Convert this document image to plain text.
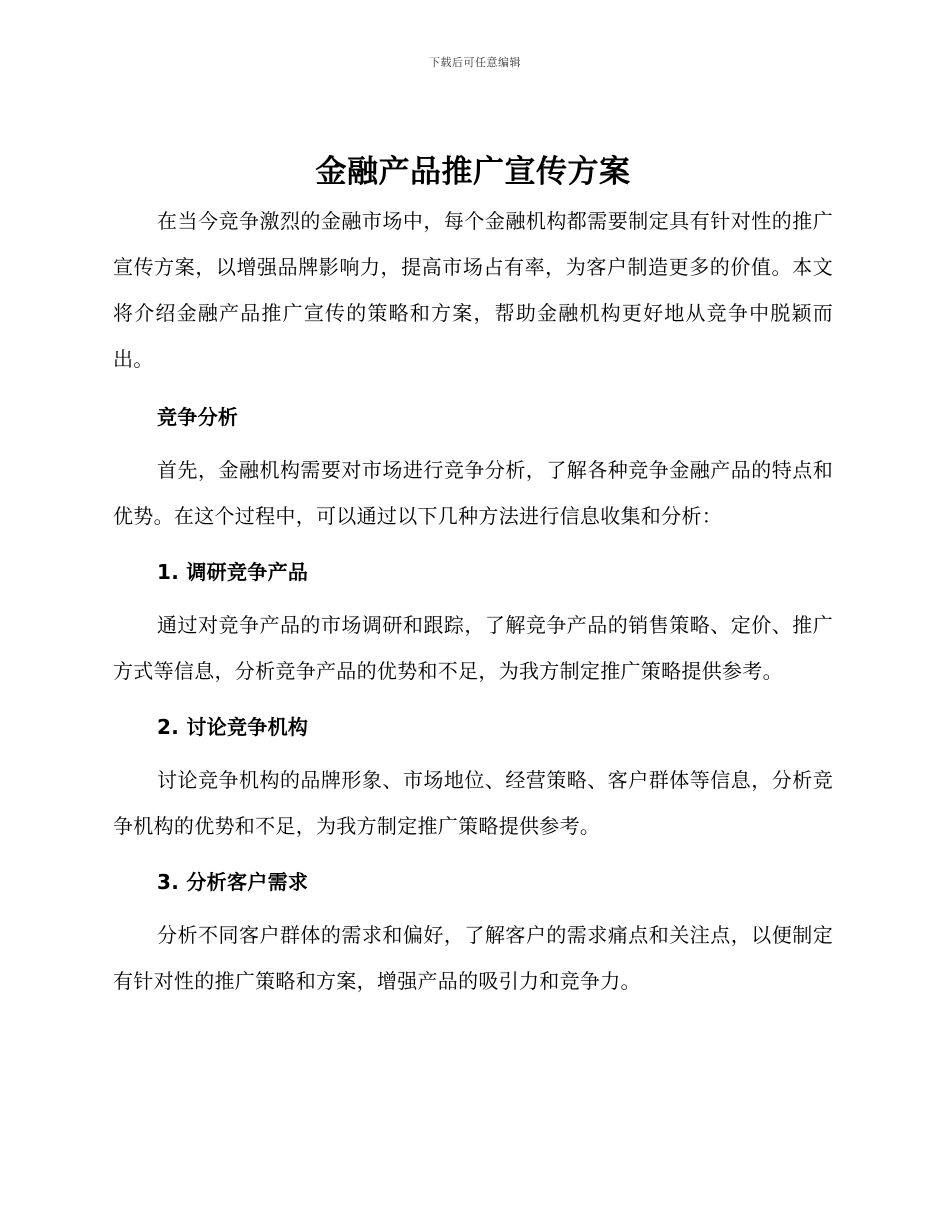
下载后可任意编辑
金融产品推广宣传方案

在当今竞争激烈的金融市场中，每个金融机构都需要制定具有针对性的推广宣传方案，以增强品牌影响力，提高市场占有率，为客户制造更多的价值。本文将介绍金融产品推广宣传的策略和方案，帮助金融机构更好地从竞争中脱颖而出。

竞争分析

首先，金融机构需要对市场进行竞争分析，了解各种竞争金融产品的特点和优势。在这个过程中，可以通过以下几种方法进行信息收集和分析：

1. 调研竞争产品

通过对竞争产品的市场调研和跟踪，了解竞争产品的销售策略、定价、推广方式等信息，分析竞争产品的优势和不足，为我方制定推广策略提供参考。

2. 讨论竞争机构

讨论竞争机构的品牌形象、市场地位、经营策略、客户群体等信息，分析竞争机构的优势和不足，为我方制定推广策略提供参考。

3. 分析客户需求

分析不同客户群体的需求和偏好，了解客户的需求痛点和关注点，以便制定有针对性的推广策略和方案，增强产品的吸引力和竞争力。
